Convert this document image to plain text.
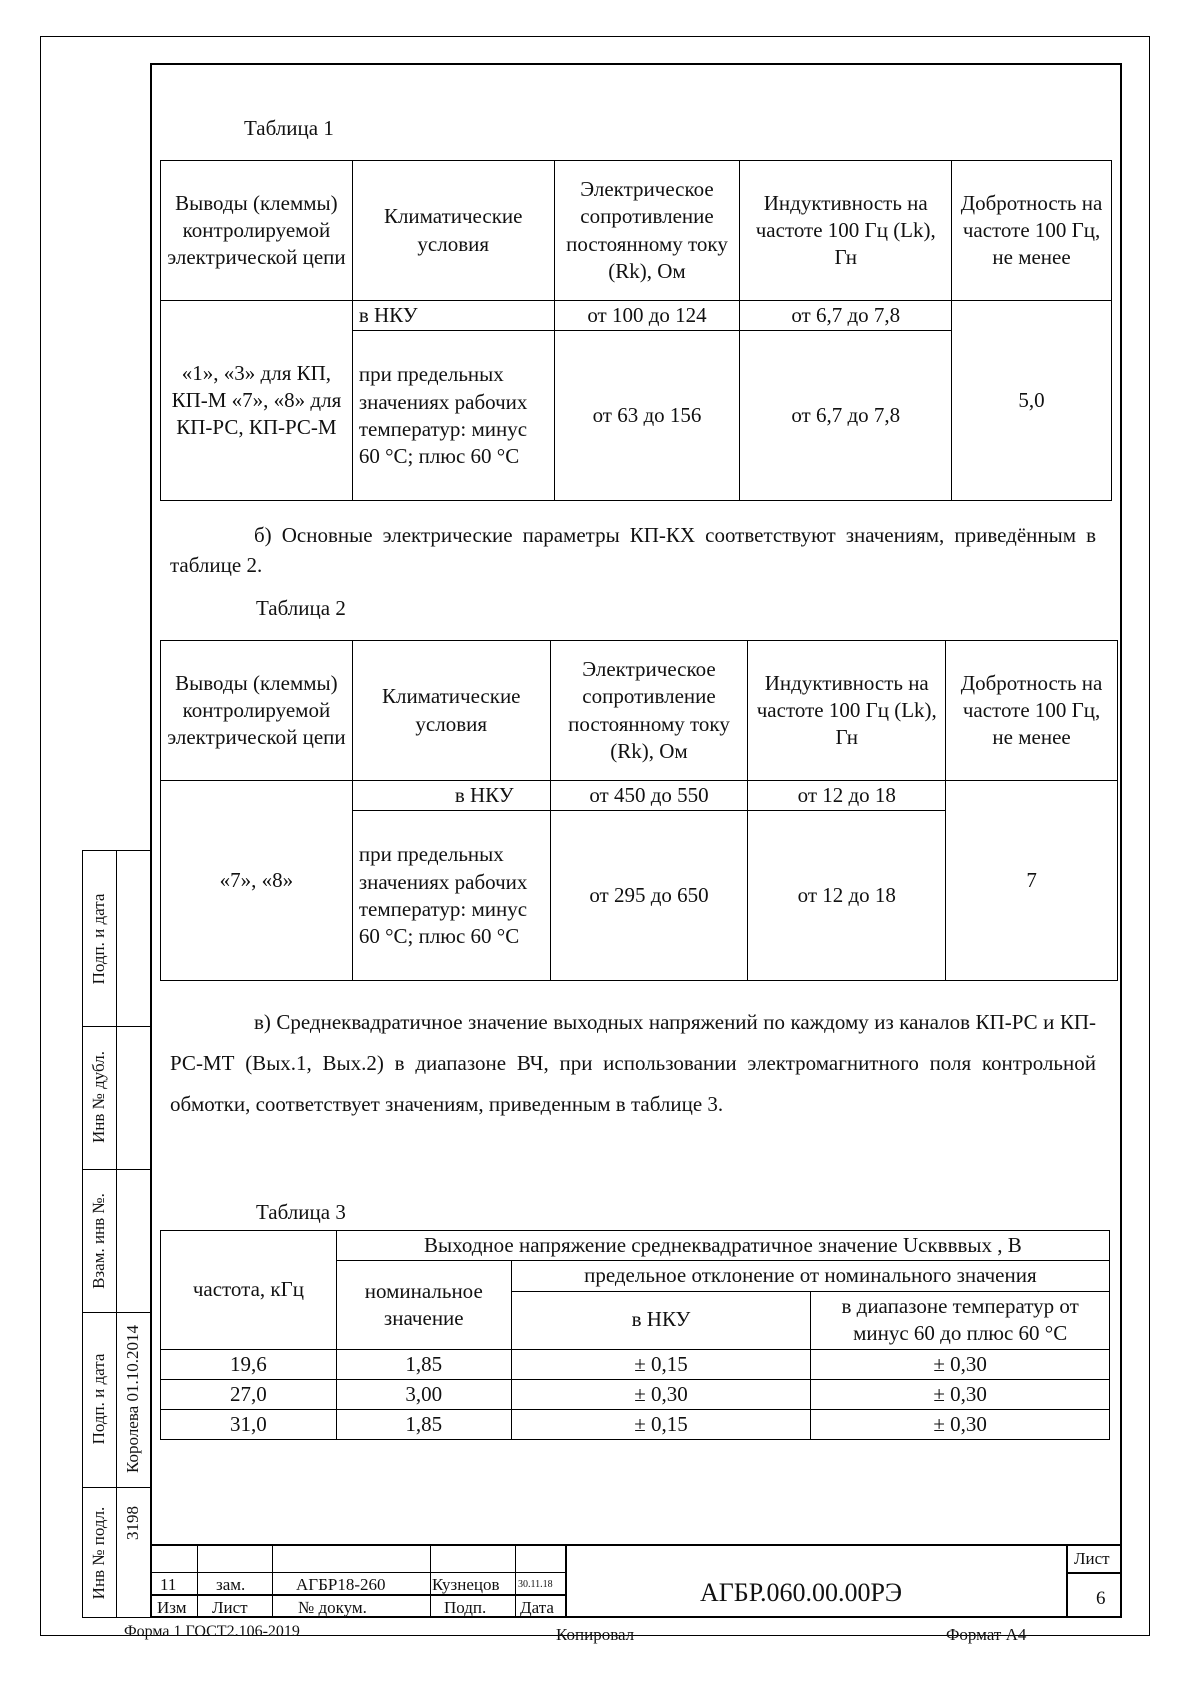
Таблица 1
Выводы (клеммы) контролируемой электрической цепи	Климатические условия	Электрическое сопротивление постоянному току (Rk), Ом	Индуктивность на частоте 100 Гц (Lk), Гн	Добротность на частоте 100 Гц, не менее
«1», «3» для КП, КП-М «7», «8» для КП-РС, КП-РС-М	в НКУ	от 100 до 124	от 6,7 до 7,8	5,0
	при предельных значениях рабочих температур: минус 60 °С; плюс 60 °С	от 63 до 156	от 6,7 до 7,8	
б) Основные электрические параметры КП-КХ соответствуют значениям, приведённым в таблице 2.
Таблица 2
Выводы (клеммы) контролируемой электрической цепи	Климатические условия	Электрическое сопротивление постоянному току (Rk), Ом	Индуктивность на частоте 100 Гц (Lk), Гн	Добротность на частоте 100 Гц, не менее
«7», «8»	в НКУ	от 450 до 550	от 12 до 18	7
	при предельных значениях рабочих температур: минус 60 °С; плюс 60 °С	от 295 до 650	от 12 до 18	
в) Среднеквадратичное значение выходных напряжений по каждому из каналов КП-РС и КП-РС-МТ (Вых.1, Вых.2) в диапазоне ВЧ, при использовании электромагнитного поля контрольной обмотки, соответствует значениям, приведенным в таблице 3.
Таблица 3
частота, кГц	Выходное напряжение среднеквадратичное значение Uсквввых , В		
	номинальное значение	предельное отклонение от номинального значения	
		в НКУ	в диапазоне температур от минус 60 до плюс 60 °С
19,6	1,85	± 0,15	± 0,30
27,0	3,00	± 0,30	± 0,30
31,0	1,85	± 0,15	± 0,30
Подп. и дата
Инв № дубл.
Взам. инв №.
Подп. и дата Королева 01.10.2014
Инв № подл. 3198
11 зам.	АГБР18-260	Кузнецов 30.11.18
Изм Лист	№ докум.	Подп. Дата
АГБР.060.00.00РЭ
Лист
6
Форма 1 ГОСТ2.106-2019	Копировал	Формат А4
